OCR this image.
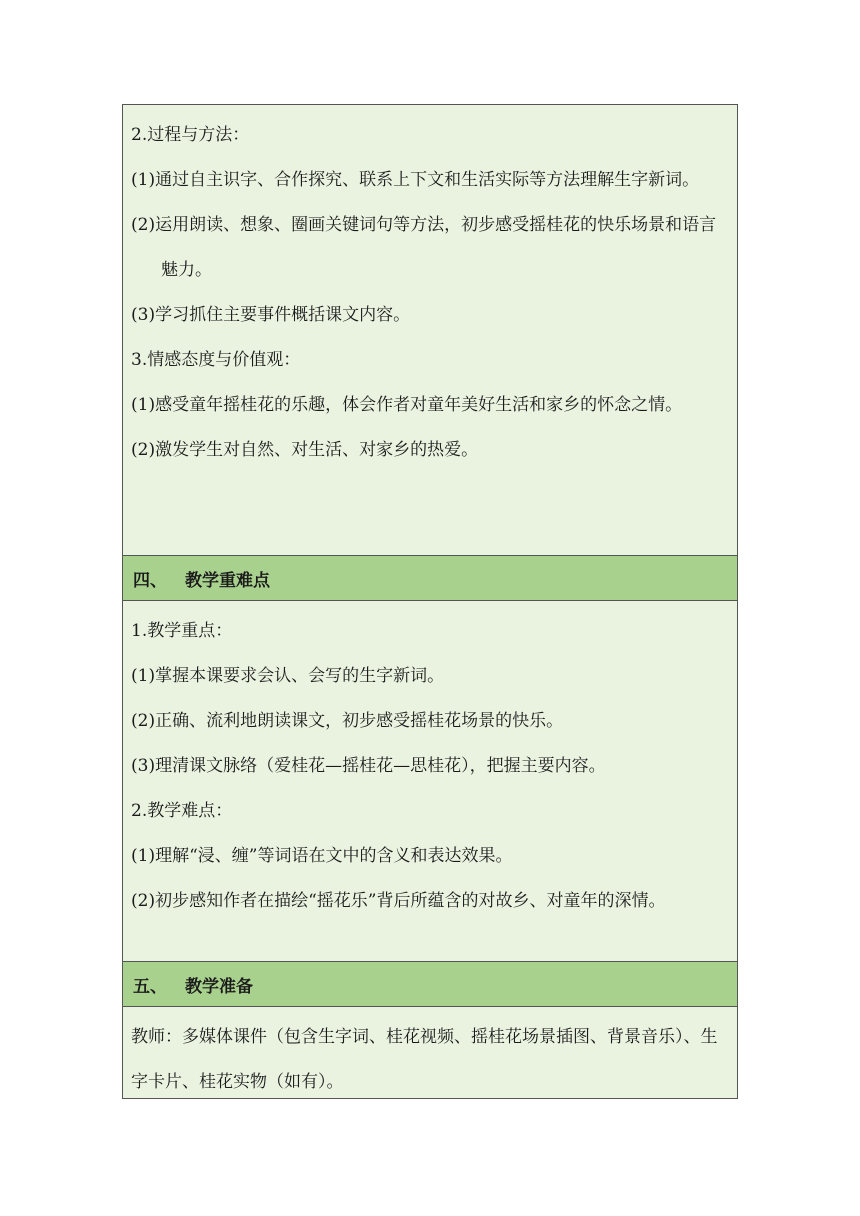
2.过程与方法：
(1)通过自主识字、合作探究、联系上下文和生活实际等方法理解生字新词。
(2)运用朗读、想象、圈画关键词句等方法，初步感受摇桂花的快乐场景和语言魅力。
(3)学习抓住主要事件概括课文内容。
3.情感态度与价值观：
(1)感受童年摇桂花的乐趣，体会作者对童年美好生活和家乡的怀念之情。
(2)激发学生对自然、对生活、对家乡的热爱。
四、 教学重难点
1.教学重点：
(1)掌握本课要求会认、会写的生字新词。
(2)正确、流利地朗读课文，初步感受摇桂花场景的快乐。
(3)理清课文脉络（爱桂花—摇桂花—思桂花），把握主要内容。
2.教学难点：
(1)理解“浸、缠”等词语在文中的含义和表达效果。
(2)初步感知作者在描绘“摇花乐”背后所蕴含的对故乡、对童年的深情。
五、 教学准备
教师：多媒体课件（包含生字词、桂花视频、摇桂花场景插图、背景音乐）、生字卡片、桂花实物（如有）。
